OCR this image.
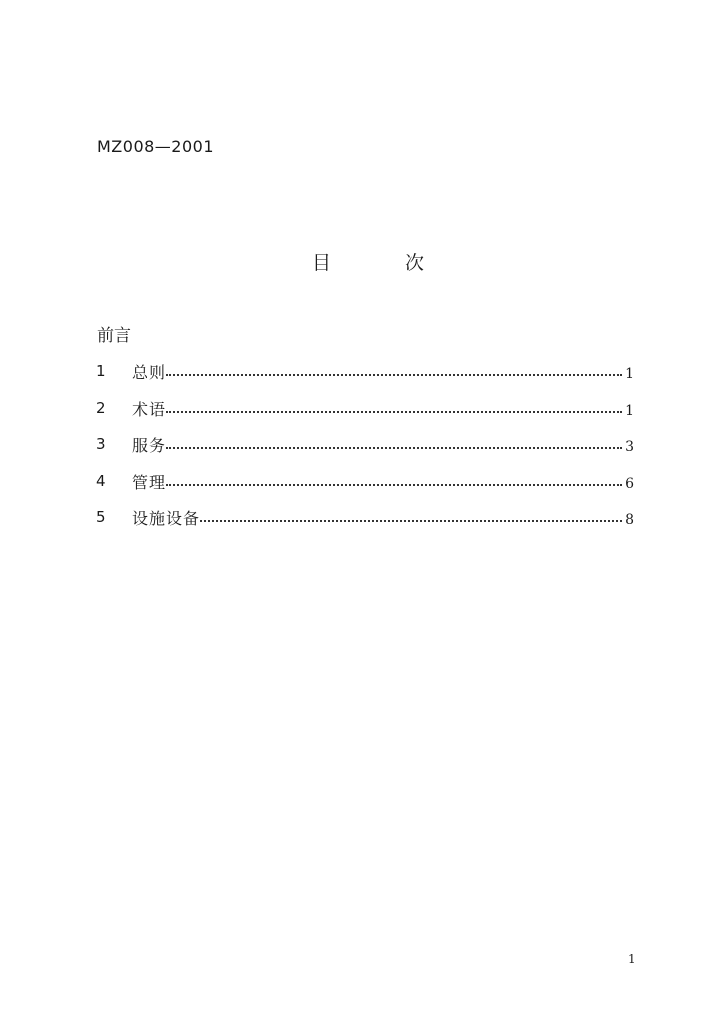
MZ008—2001
目	次
前言
1	总则	1
2	术语	1
3	服务	3
4	管理	6
5	设施设备	8
1
